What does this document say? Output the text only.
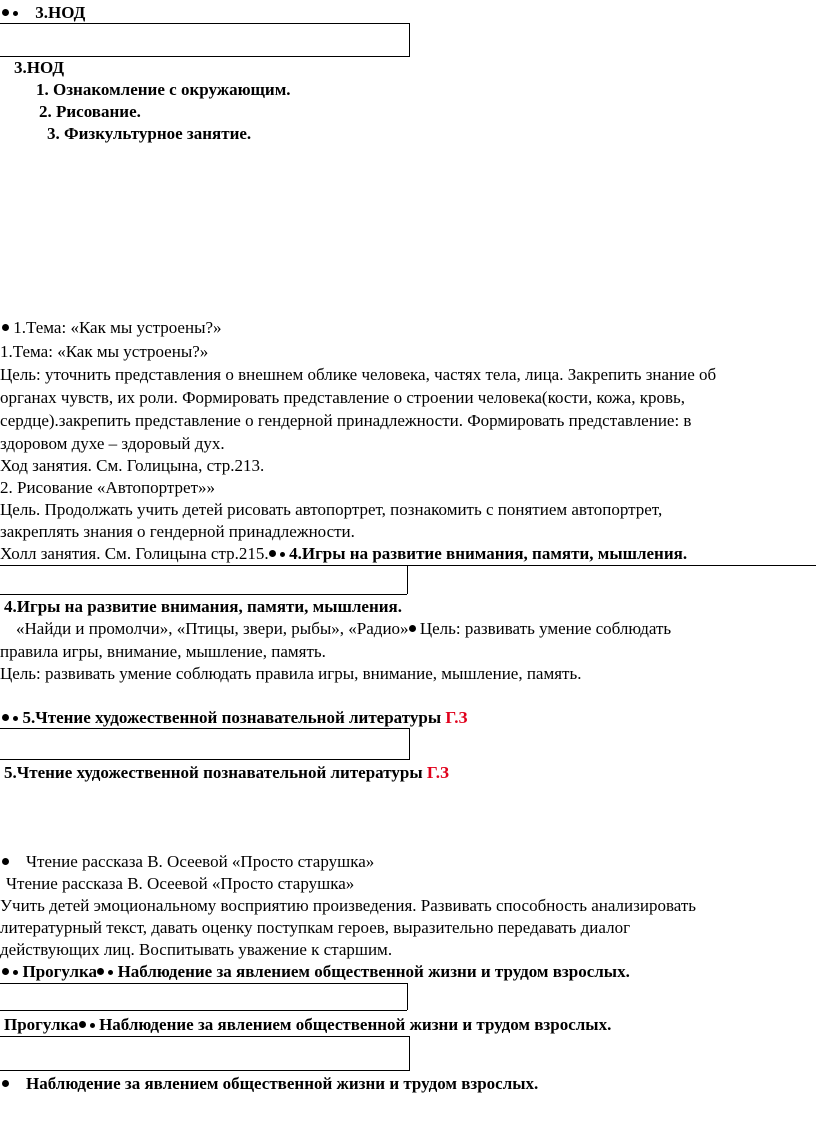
3.НОД
3.НОД
1. Ознакомление с окружающим.
2. Рисование.
3. Физкультурное занятие.
1.Тема: «Как мы устроены?»
1.Тема: «Как мы устроены?»
Цель: уточнить представления о внешнем облике человека, частях тела, лица. Закрепить знание об
органах чувств, их роли. Формировать представление о строении человека(кости, кожа, кровь,
сердце).закрепить представление о гендерной принадлежности. Формировать представление: в
здоровом духе – здоровый дух.
Ход занятия. См. Голицына, стр.213.
2. Рисование «Автопортрет»»
Цель. Продолжать учить детей рисовать автопортрет, познакомить с понятием автопортрет,
закреплять знания о гендерной принадлежности.
Холл занятия. См. Голицына стр.215. 4.Игры на развитие внимания, памяти, мышления.
4.Игры на развитие внимания, памяти, мышления.
«Найди и промолчи», «Птицы, звери, рыбы», «Радио» Цель: развивать умение соблюдать
правила игры, внимание, мышление, память.
Цель: развивать умение соблюдать правила игры, внимание, мышление, память.
5.Чтение художественной познавательной литературы Г.З
5.Чтение художественной познавательной литературы Г.З
Чтение рассказа В. Осеевой «Просто старушка»
Чтение рассказа В. Осеевой «Просто старушка»
Учить детей эмоциональному восприятию произведения. Развивать способность анализировать
литературный текст, давать оценку поступкам героев, выразительно передавать диалог
действующих лиц. Воспитывать уважение к старшим.
Прогулка Наблюдение за явлением общественной жизни и трудом взрослых.
Прогулка Наблюдение за явлением общественной жизни и трудом взрослых.
Наблюдение за явлением общественной жизни и трудом взрослых.
